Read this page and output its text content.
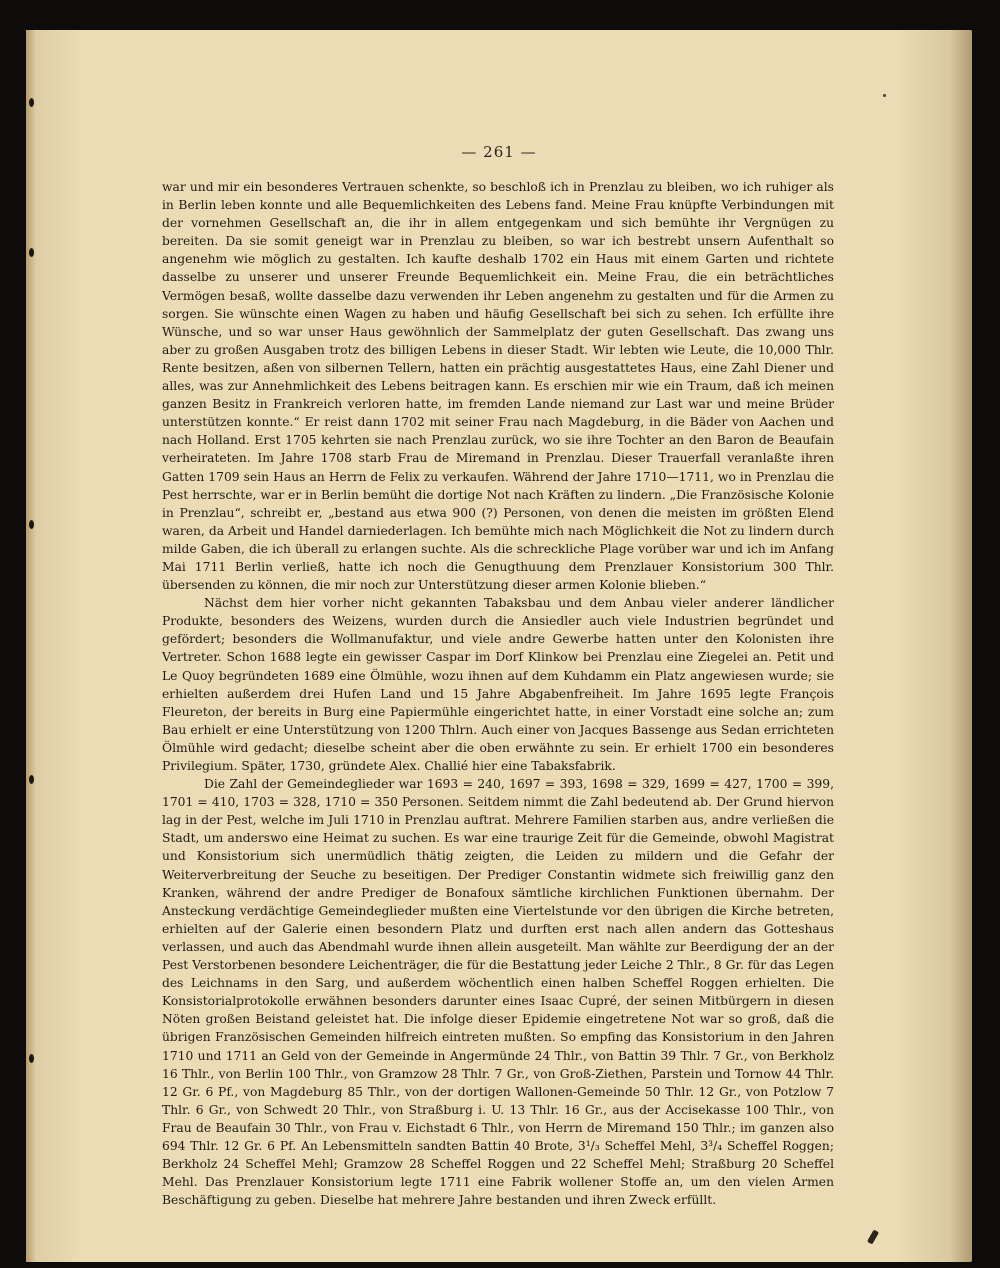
— 261 —

war und mir ein besonderes Vertrauen schenkte, so beschloß ich in Prenzlau zu bleiben, wo ich ruhiger als in Berlin leben konnte und alle Bequemlichkeiten des Lebens fand. Meine Frau knüpfte Verbindungen mit der vornehmen Gesellschaft an, die ihr in allem entgegenkam und sich bemühte ihr Vergnügen zu bereiten. Da sie somit geneigt war in Prenzlau zu bleiben, so war ich bestrebt unsern Aufenthalt so angenehm wie möglich zu gestalten. Ich kaufte deshalb 1702 ein Haus mit einem Garten und richtete dasselbe zu unserer und unserer Freunde Bequemlichkeit ein. Meine Frau, die ein beträchtliches Vermögen besaß, wollte dasselbe dazu verwenden ihr Leben angenehm zu gestalten und für die Armen zu sorgen. Sie wünschte einen Wagen zu haben und häufig Gesellschaft bei sich zu sehen. Ich erfüllte ihre Wünsche, und so war unser Haus gewöhnlich der Sammelplatz der guten Gesellschaft. Das zwang uns aber zu großen Ausgaben trotz des billigen Lebens in dieser Stadt. Wir lebten wie Leute, die 10,000 Thlr. Rente besitzen, aßen von silbernen Tellern, hatten ein prächtig ausgestattetes Haus, eine Zahl Diener und alles, was zur Annehmlichkeit des Lebens beitragen kann. Es erschien mir wie ein Traum, daß ich meinen ganzen Besitz in Frankreich verloren hatte, im fremden Lande niemand zur Last war und meine Brüder unterstützen konnte.“ Er reist dann 1702 mit seiner Frau nach Magdeburg, in die Bäder von Aachen und nach Holland. Erst 1705 kehrten sie nach Prenzlau zurück, wo sie ihre Tochter an den Baron de Beaufain verheirateten. Im Jahre 1708 starb Frau de Miremand in Prenzlau. Dieser Trauerfall veranlaßte ihren Gatten 1709 sein Haus an Herrn de Felix zu verkaufen. Während der Jahre 1710—1711, wo in Prenzlau die Pest herrschte, war er in Berlin bemüht die dortige Not nach Kräften zu lindern. „Die Französische Kolonie in Prenzlau“, schreibt er, „bestand aus etwa 900 (?) Personen, von denen die meisten im größten Elend waren, da Arbeit und Handel darniederlagen. Ich bemühte mich nach Möglichkeit die Not zu lindern durch milde Gaben, die ich überall zu erlangen suchte. Als die schreckliche Plage vorüber war und ich im Anfang Mai 1711 Berlin verließ, hatte ich noch die Genugthuung dem Prenzlauer Konsistorium 300 Thlr. übersenden zu können, die mir noch zur Unterstützung dieser armen Kolonie blieben.“

Nächst dem hier vorher nicht gekannten Tabaksbau und dem Anbau vieler anderer ländlicher Produkte, besonders des Weizens, wurden durch die Ansiedler auch viele Industrien begründet und gefördert; besonders die Wollmanufaktur, und viele andre Gewerbe hatten unter den Kolonisten ihre Vertreter. Schon 1688 legte ein gewisser Caspar im Dorf Klinkow bei Prenzlau eine Ziegelei an. Petit und Le Quoy begründeten 1689 eine Ölmühle, wozu ihnen auf dem Kuhdamm ein Platz angewiesen wurde; sie erhielten außerdem drei Hufen Land und 15 Jahre Abgabenfreiheit. Im Jahre 1695 legte François Fleureton, der bereits in Burg eine Papiermühle eingerichtet hatte, in einer Vorstadt eine solche an; zum Bau erhielt er eine Unterstützung von 1200 Thlrn. Auch einer von Jacques Bassenge aus Sedan errichteten Ölmühle wird gedacht; dieselbe scheint aber die oben erwähnte zu sein. Er erhielt 1700 ein besonderes Privilegium. Später, 1730, gründete Alex. Challié hier eine Tabaksfabrik.

Die Zahl der Gemeindeglieder war 1693 = 240, 1697 = 393, 1698 = 329, 1699 = 427, 1700 = 399, 1701 = 410, 1703 = 328, 1710 = 350 Personen. Seitdem nimmt die Zahl bedeutend ab. Der Grund hiervon lag in der Pest, welche im Juli 1710 in Prenzlau auftrat. Mehrere Familien starben aus, andre verließen die Stadt, um anderswo eine Heimat zu suchen. Es war eine traurige Zeit für die Gemeinde, obwohl Magistrat und Konsistorium sich unermüdlich thätig zeigten, die Leiden zu mildern und die Gefahr der Weiterverbreitung der Seuche zu beseitigen. Der Prediger Constantin widmete sich freiwillig ganz den Kranken, während der andre Prediger de Bonafoux sämtliche kirchlichen Funktionen übernahm. Der Ansteckung verdächtige Gemeindeglieder mußten eine Viertelstunde vor den übrigen die Kirche betreten, erhielten auf der Galerie einen besondern Platz und durften erst nach allen andern das Gotteshaus verlassen, und auch das Abendmahl wurde ihnen allein ausgeteilt. Man wählte zur Beerdigung der an der Pest Verstorbenen besondere Leichenträger, die für die Bestattung jeder Leiche 2 Thlr., 8 Gr. für das Legen des Leichnams in den Sarg, und außerdem wöchentlich einen halben Scheffel Roggen erhielten. Die Konsistorialprotokolle erwähnen besonders darunter eines Isaac Cupré, der seinen Mitbürgern in diesen Nöten großen Beistand geleistet hat. Die infolge dieser Epidemie eingetretene Not war so groß, daß die übrigen Französischen Gemeinden hilfreich eintreten mußten. So empfing das Konsistorium in den Jahren 1710 und 1711 an Geld von der Gemeinde in Angermünde 24 Thlr., von Battin 39 Thlr. 7 Gr., von Berkholz 16 Thlr., von Berlin 100 Thlr., von Gramzow 28 Thlr. 7 Gr., von Groß-Ziethen, Parstein und Tornow 44 Thlr. 12 Gr. 6 Pf., von Magdeburg 85 Thlr., von der dortigen Wallonen-Gemeinde 50 Thlr. 12 Gr., von Potzlow 7 Thlr. 6 Gr., von Schwedt 20 Thlr., von Straßburg i. U. 13 Thlr. 16 Gr., aus der Accisekasse 100 Thlr., von Frau de Beaufain 30 Thlr., von Frau v. Eichstadt 6 Thlr., von Herrn de Miremand 150 Thlr.; im ganzen also 694 Thlr. 12 Gr. 6 Pf. An Lebensmitteln sandten Battin 40 Brote, 3¹/₃ Scheffel Mehl, 3³/₄ Scheffel Roggen; Berkholz 24 Scheffel Mehl; Gramzow 28 Scheffel Roggen und 22 Scheffel Mehl; Straßburg 20 Scheffel Mehl. Das Prenzlauer Konsistorium legte 1711 eine Fabrik wollener Stoffe an, um den vielen Armen Beschäftigung zu geben. Dieselbe hat mehrere Jahre bestanden und ihren Zweck erfüllt.
